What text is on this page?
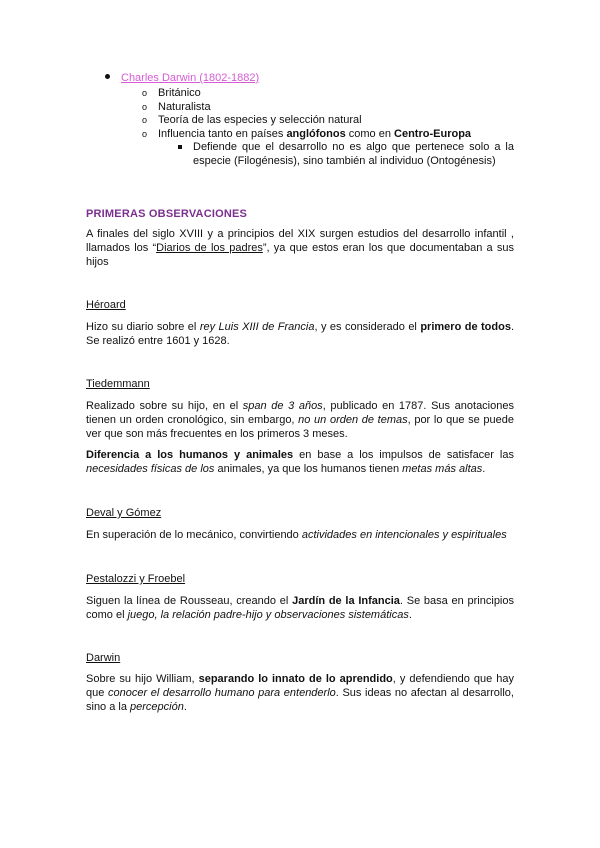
Charles Darwin (1802-1882)
o Británico
o Naturalista
o Teoría de las especies y selección natural
o Influencia tanto en países anglófonos como en Centro-Europa
Defiende que el desarrollo no es algo que pertenece solo a la especie (Filogénesis), sino también al individuo (Ontogénesis)
PRIMERAS OBSERVACIONES
A finales del siglo XVIII y a principios del XIX surgen estudios del desarrollo infantil , llamados los “Diarios de los padres”, ya que estos eran los que documentaban a sus hijos
Héroard
Hizo su diario sobre el rey Luis XIII de Francia, y es considerado el primero de todos. Se realizó entre 1601 y 1628.
Tiedemmann
Realizado sobre su hijo, en el span de 3 años, publicado en 1787. Sus anotaciones tienen un orden cronológico, sin embargo, no un orden de temas, por lo que se puede ver que son más frecuentes en los primeros 3 meses.
Diferencia a los humanos y animales en base a los impulsos de satisfacer las necesidades físicas de los animales, ya que los humanos tienen metas más altas.
Deval y Gómez
En superación de lo mecánico, convirtiendo actividades en intencionales y espirituales
Pestalozzi y Froebel
Siguen la línea de Rousseau, creando el Jardín de la Infancia. Se basa en principios como el juego, la relación padre-hijo y observaciones sistemáticas.
Darwin
Sobre su hijo William, separando lo innato de lo aprendido, y defendiendo que hay que conocer el desarrollo humano para entenderlo. Sus ideas no afectan al desarrollo, sino a la percepción.
